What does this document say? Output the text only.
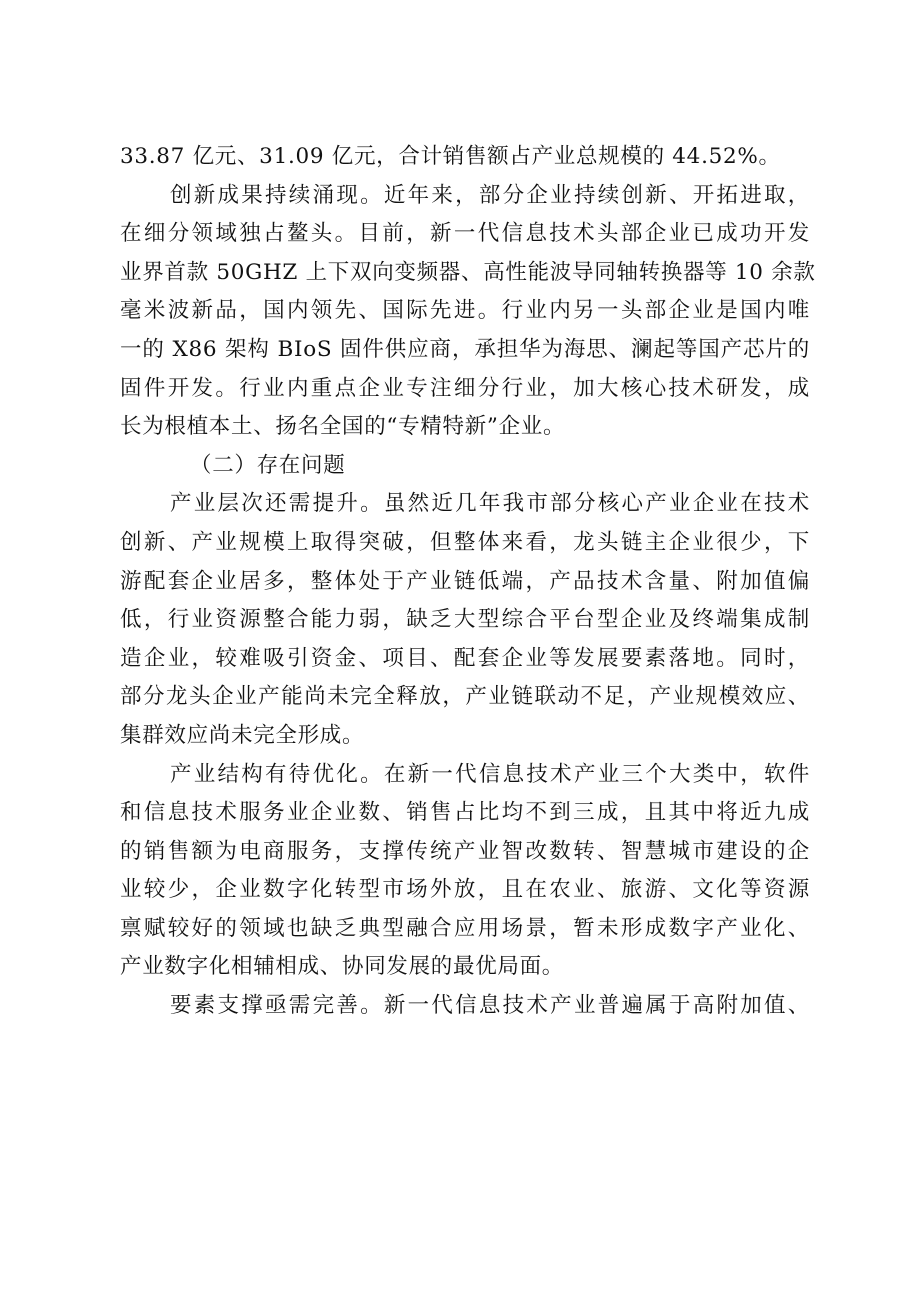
33.87 亿元、31.09 亿元，合计销售额占产业总规模的 44.52%。
创新成果持续涌现。近年来，部分企业持续创新、开拓进取，
在细分领域独占鳌头。目前，新一代信息技术头部企业已成功开发
业界首款 50GHZ 上下双向变频器、高性能波导同轴转换器等 10 余款
毫米波新品，国内领先、国际先进。行业内另一头部企业是国内唯
一的 X86 架构 BIoS 固件供应商，承担华为海思、澜起等国产芯片的
固件开发。行业内重点企业专注细分行业，加大核心技术研发，成
长为根植本土、扬名全国的“专精特新”企业。
（二）存在问题
产业层次还需提升。虽然近几年我市部分核心产业企业在技术
创新、产业规模上取得突破，但整体来看，龙头链主企业很少，下
游配套企业居多，整体处于产业链低端，产品技术含量、附加值偏
低，行业资源整合能力弱，缺乏大型综合平台型企业及终端集成制
造企业，较难吸引资金、项目、配套企业等发展要素落地。同时，
部分龙头企业产能尚未完全释放，产业链联动不足，产业规模效应、
集群效应尚未完全形成。
产业结构有待优化。在新一代信息技术产业三个大类中，软件
和信息技术服务业企业数、销售占比均不到三成，且其中将近九成
的销售额为电商服务，支撑传统产业智改数转、智慧城市建设的企
业较少，企业数字化转型市场外放，且在农业、旅游、文化等资源
禀赋较好的领域也缺乏典型融合应用场景，暂未形成数字产业化、
产业数字化相辅相成、协同发展的最优局面。
要素支撑亟需完善。新一代信息技术产业普遍属于高附加值、
